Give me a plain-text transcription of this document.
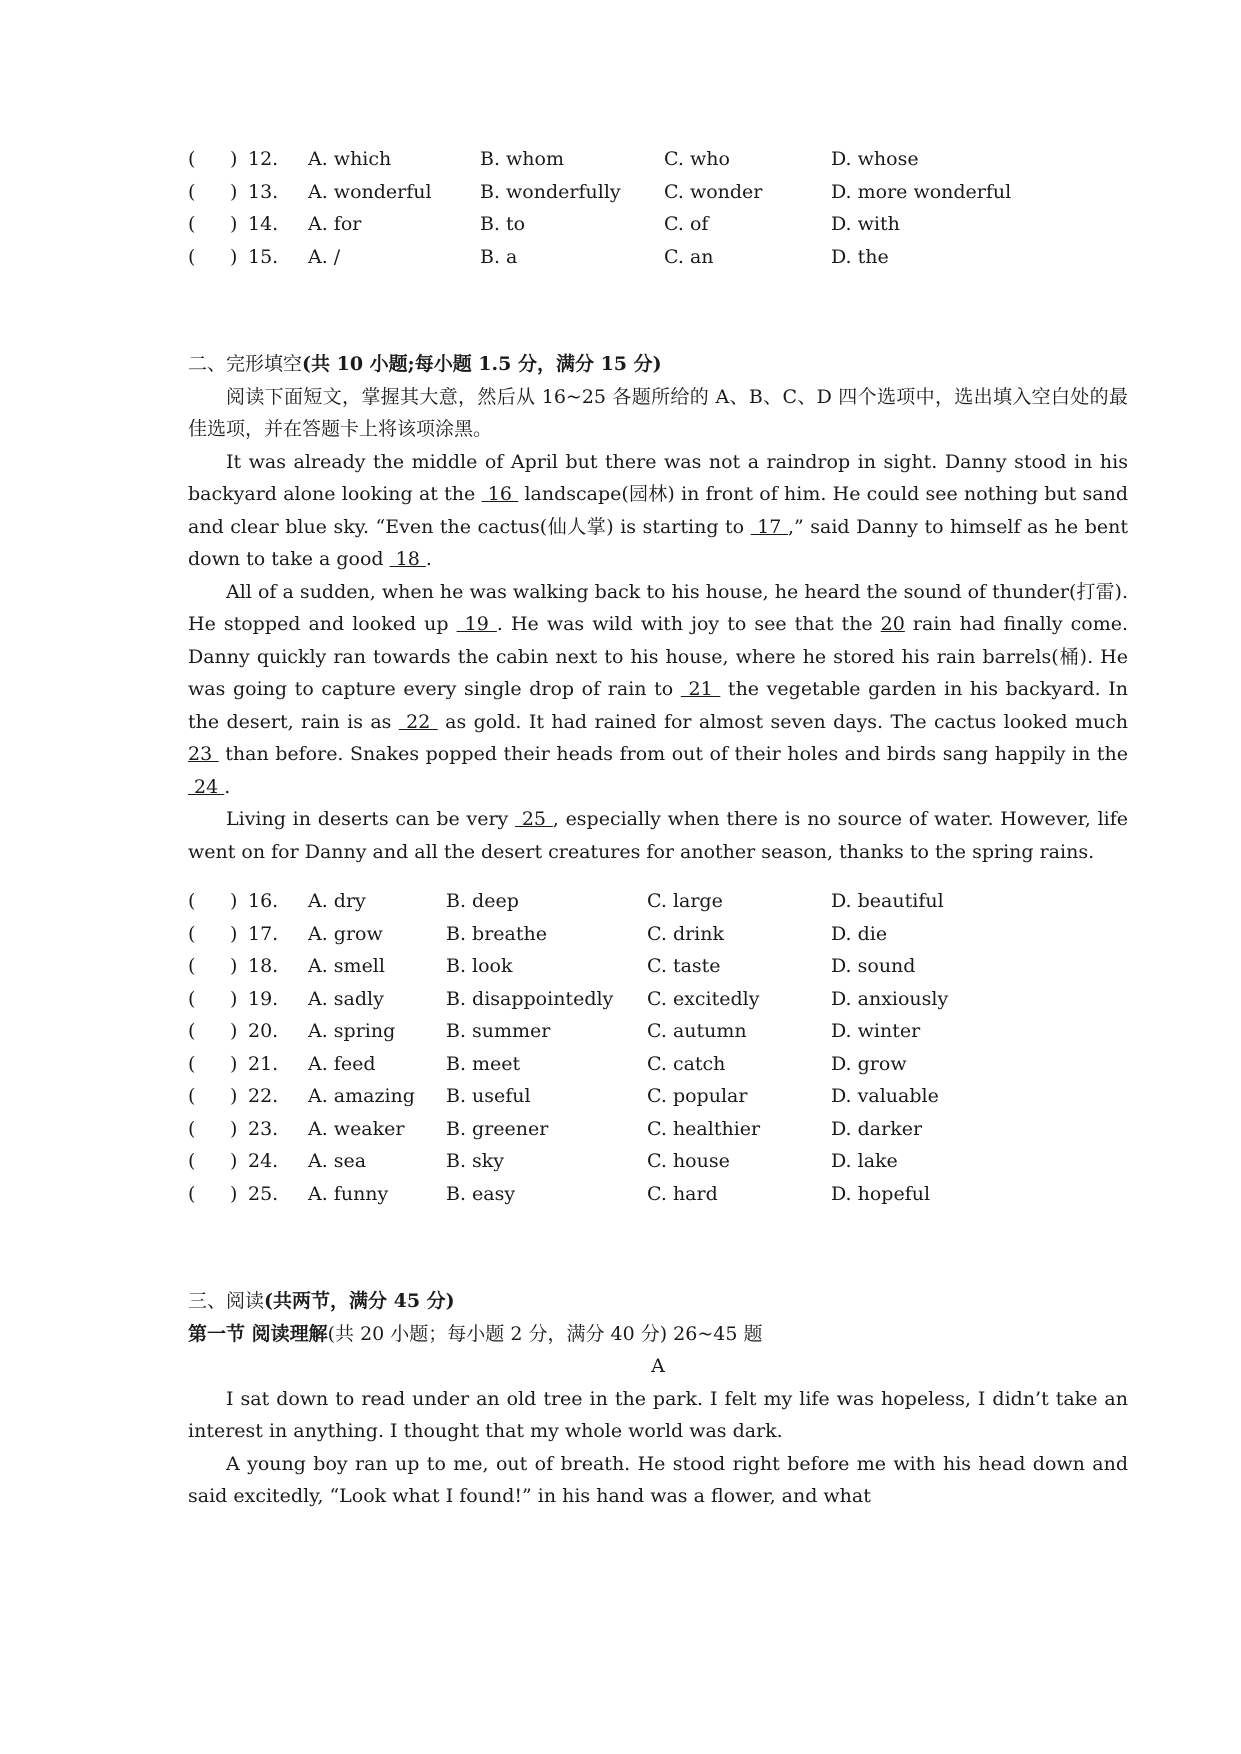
( ) 12. A. which	B. whom	C. who	D. whose
( ) 13. A. wonderful	B. wonderfully C. wonder	D. more wonderful
( ) 14. A. for	B. to	C. of	D. with
( ) 15. A. /	B. a	C. an	D. the
二、完形填空(共 10 小题;每小题 1.5 分，满分 15 分)

阅读下面短文，掌握其大意，然后从 16~25 各题所给的 A、B、C、D 四个选项中，选出填入空白处的最佳选项，并在答题卡上将该项涂黑。

It was already the middle of April but there was not a raindrop in sight. Danny stood in his backyard alone looking at the  16  landscape(园林) in front of him. He could see nothing but sand and clear blue sky. “Even the cactus(仙人掌) is starting to  17 ,” said Danny to himself as he bent down to take a good  18 .

All of a sudden, when he was walking back to his house, he heard the sound of thunder(打雷). He stopped and looked up  19 . He was wild with joy to see that the 20 rain had finally come. Danny quickly ran towards the cabin next to his house, where he stored his rain barrels(桶). He was going to capture every single drop of rain to  21  the vegetable garden in his backyard. In the desert, rain is as  22  as gold. It had rained for almost seven days. The cactus looked much 23  than before. Snakes popped their heads from out of their holes and birds sang happily in the  24 .

Living in deserts can be very  25 , especially when there is no source of water. However, life went on for Danny and all the desert creatures for another season, thanks to the spring rains.

( ) 16. A. dry	B. deep	C. large	D. beautiful
( ) 17. A. grow	B. breathe	C. drink	D. die
( ) 18. A. smell	B. look	C. taste	D. sound
( ) 19. A. sadly	B. disappointedly C. excitedly	D. anxiously
( ) 20. A. spring	B. summer	C. autumn	D. winter
( ) 21. A. feed	B. meet	C. catch	D. grow
( ) 22. A. amazing B. useful	C. popular	D. valuable
( ) 23. A. weaker B. greener	C. healthier	D. darker
( ) 24. A. sea	B. sky	C. house	D. lake
( ) 25. A. funny	B. easy	C. hard	D. hopeful
三、阅读(共两节，满分 45 分)
第一节 阅读理解(共 20 小题；每小题 2 分，满分 40 分) 26~45 题
A

I sat down to read under an old tree in the park. I felt my life was hopeless, I didn’t take an interest in anything. I thought that my whole world was dark.

A young boy ran up to me, out of breath. He stood right before me with his head down and said excitedly, “Look what I found!” in his hand was a flower, and what
